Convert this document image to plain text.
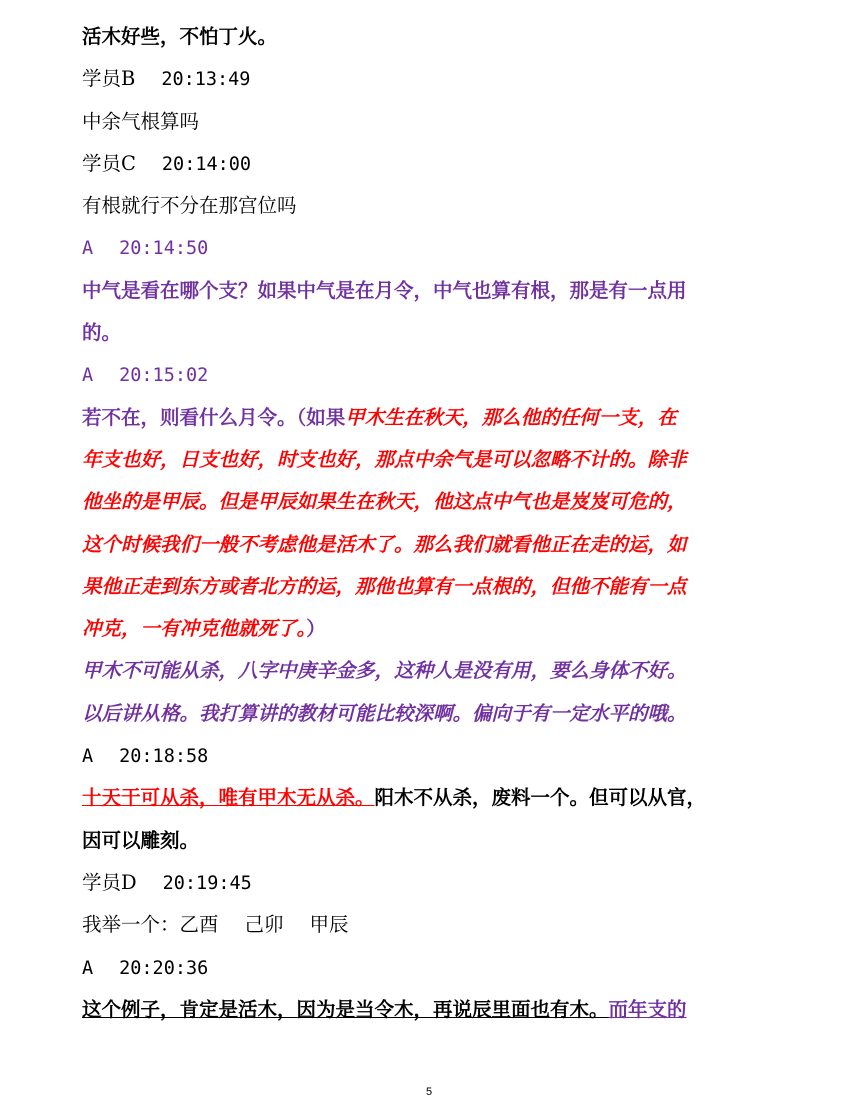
活木好些，不怕丁火。
学员B 20:13:49
中余气根算吗
学员C 20:14:00
有根就行不分在那宫位吗
A 20:14:50
中气是看在哪个支？如果中气是在月令，中气也算有根，那是有一点用
的。
A 20:15:02
若不在，则看什么月令。（如果甲木生在秋天，那么他的任何一支，在
年支也好，日支也好，时支也好，那点中余气是可以忽略不计的。除非
他坐的是甲辰。但是甲辰如果生在秋天，他这点中气也是岌岌可危的，
这个时候我们一般不考虑他是活木了。那么我们就看他正在走的运，如
果他正走到东方或者北方的运，那他也算有一点根的，但他不能有一点
冲克，一有冲克他就死了。）
甲木不可能从杀，八字中庚辛金多，这种人是没有用，要么身体不好。
以后讲从格。我打算讲的教材可能比较深啊。偏向于有一定水平的哦。
A 20:18:58
十天干可从杀，唯有甲木无从杀。阳木不从杀，废料一个。但可以从官，
因可以雕刻。
学员D 20:19:45
我举一个：乙酉 己卯 甲辰
A 20:20:36
这个例子，肯定是活木，因为是当令木，再说辰里面也有木。而年支的
5
